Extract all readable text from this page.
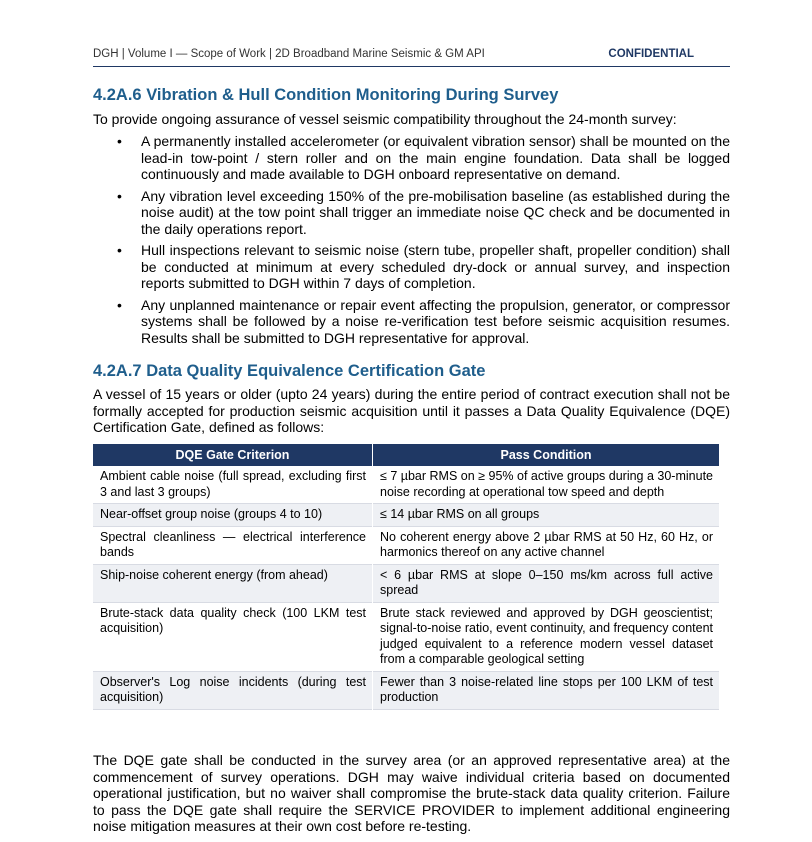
DGH | Volume I — Scope of Work | 2D Broadband Marine Seismic & GM API	CONFIDENTIAL
4.2A.6 Vibration & Hull Condition Monitoring During Survey

To provide ongoing assurance of vessel seismic compatibility throughout the 24-month survey:

• A permanently installed accelerometer (or equivalent vibration sensor) shall be mounted on the lead-in tow-point / stern roller and on the main engine foundation. Data shall be logged continuously and made available to DGH onboard representative on demand.
• Any vibration level exceeding 150% of the pre-mobilisation baseline (as established during the noise audit) at the tow point shall trigger an immediate noise QC check and be documented in the daily operations report.
• Hull inspections relevant to seismic noise (stern tube, propeller shaft, propeller condition) shall be conducted at minimum at every scheduled dry-dock or annual survey, and inspection reports submitted to DGH within 7 days of completion.
• Any unplanned maintenance or repair event affecting the propulsion, generator, or compressor systems shall be followed by a noise re-verification test before seismic acquisition resumes. Results shall be submitted to DGH representative for approval.
4.2A.7 Data Quality Equivalence Certification Gate

A vessel of 15 years or older (upto 24 years) during the entire period of contract execution shall not be formally accepted for production seismic acquisition until it passes a Data Quality Equivalence (DQE) Certification Gate, defined as follows:

DQE Gate Criterion	Pass Condition
Ambient cable noise (full spread, excluding first 3 and last 3 groups)	≤ 7 µbar RMS on ≥ 95% of active groups during a 30-minute noise recording at operational tow speed and depth
Near-offset group noise (groups 4 to 10)	≤ 14 µbar RMS on all groups
Spectral cleanliness — electrical interference bands	No coherent energy above 2 µbar RMS at 50 Hz, 60 Hz, or harmonics thereof on any active channel
Ship-noise coherent energy (from ahead)	< 6 µbar RMS at slope 0–150 ms/km across full active spread
Brute-stack data quality check (100 LKM test acquisition)	Brute stack reviewed and approved by DGH geoscientist; signal-to-noise ratio, event continuity, and frequency content judged equivalent to a reference modern vessel dataset from a comparable geological setting
Observer's Log noise incidents (during test acquisition)	Fewer than 3 noise-related line stops per 100 LKM of test production

The DQE gate shall be conducted in the survey area (or an approved representative area) at the commencement of survey operations. DGH may waive individual criteria based on documented operational justification, but no waiver shall compromise the brute-stack data quality criterion. Failure to pass the DQE gate shall require the SERVICE PROVIDER to implement additional engineering noise mitigation measures at their own cost before re-testing.
